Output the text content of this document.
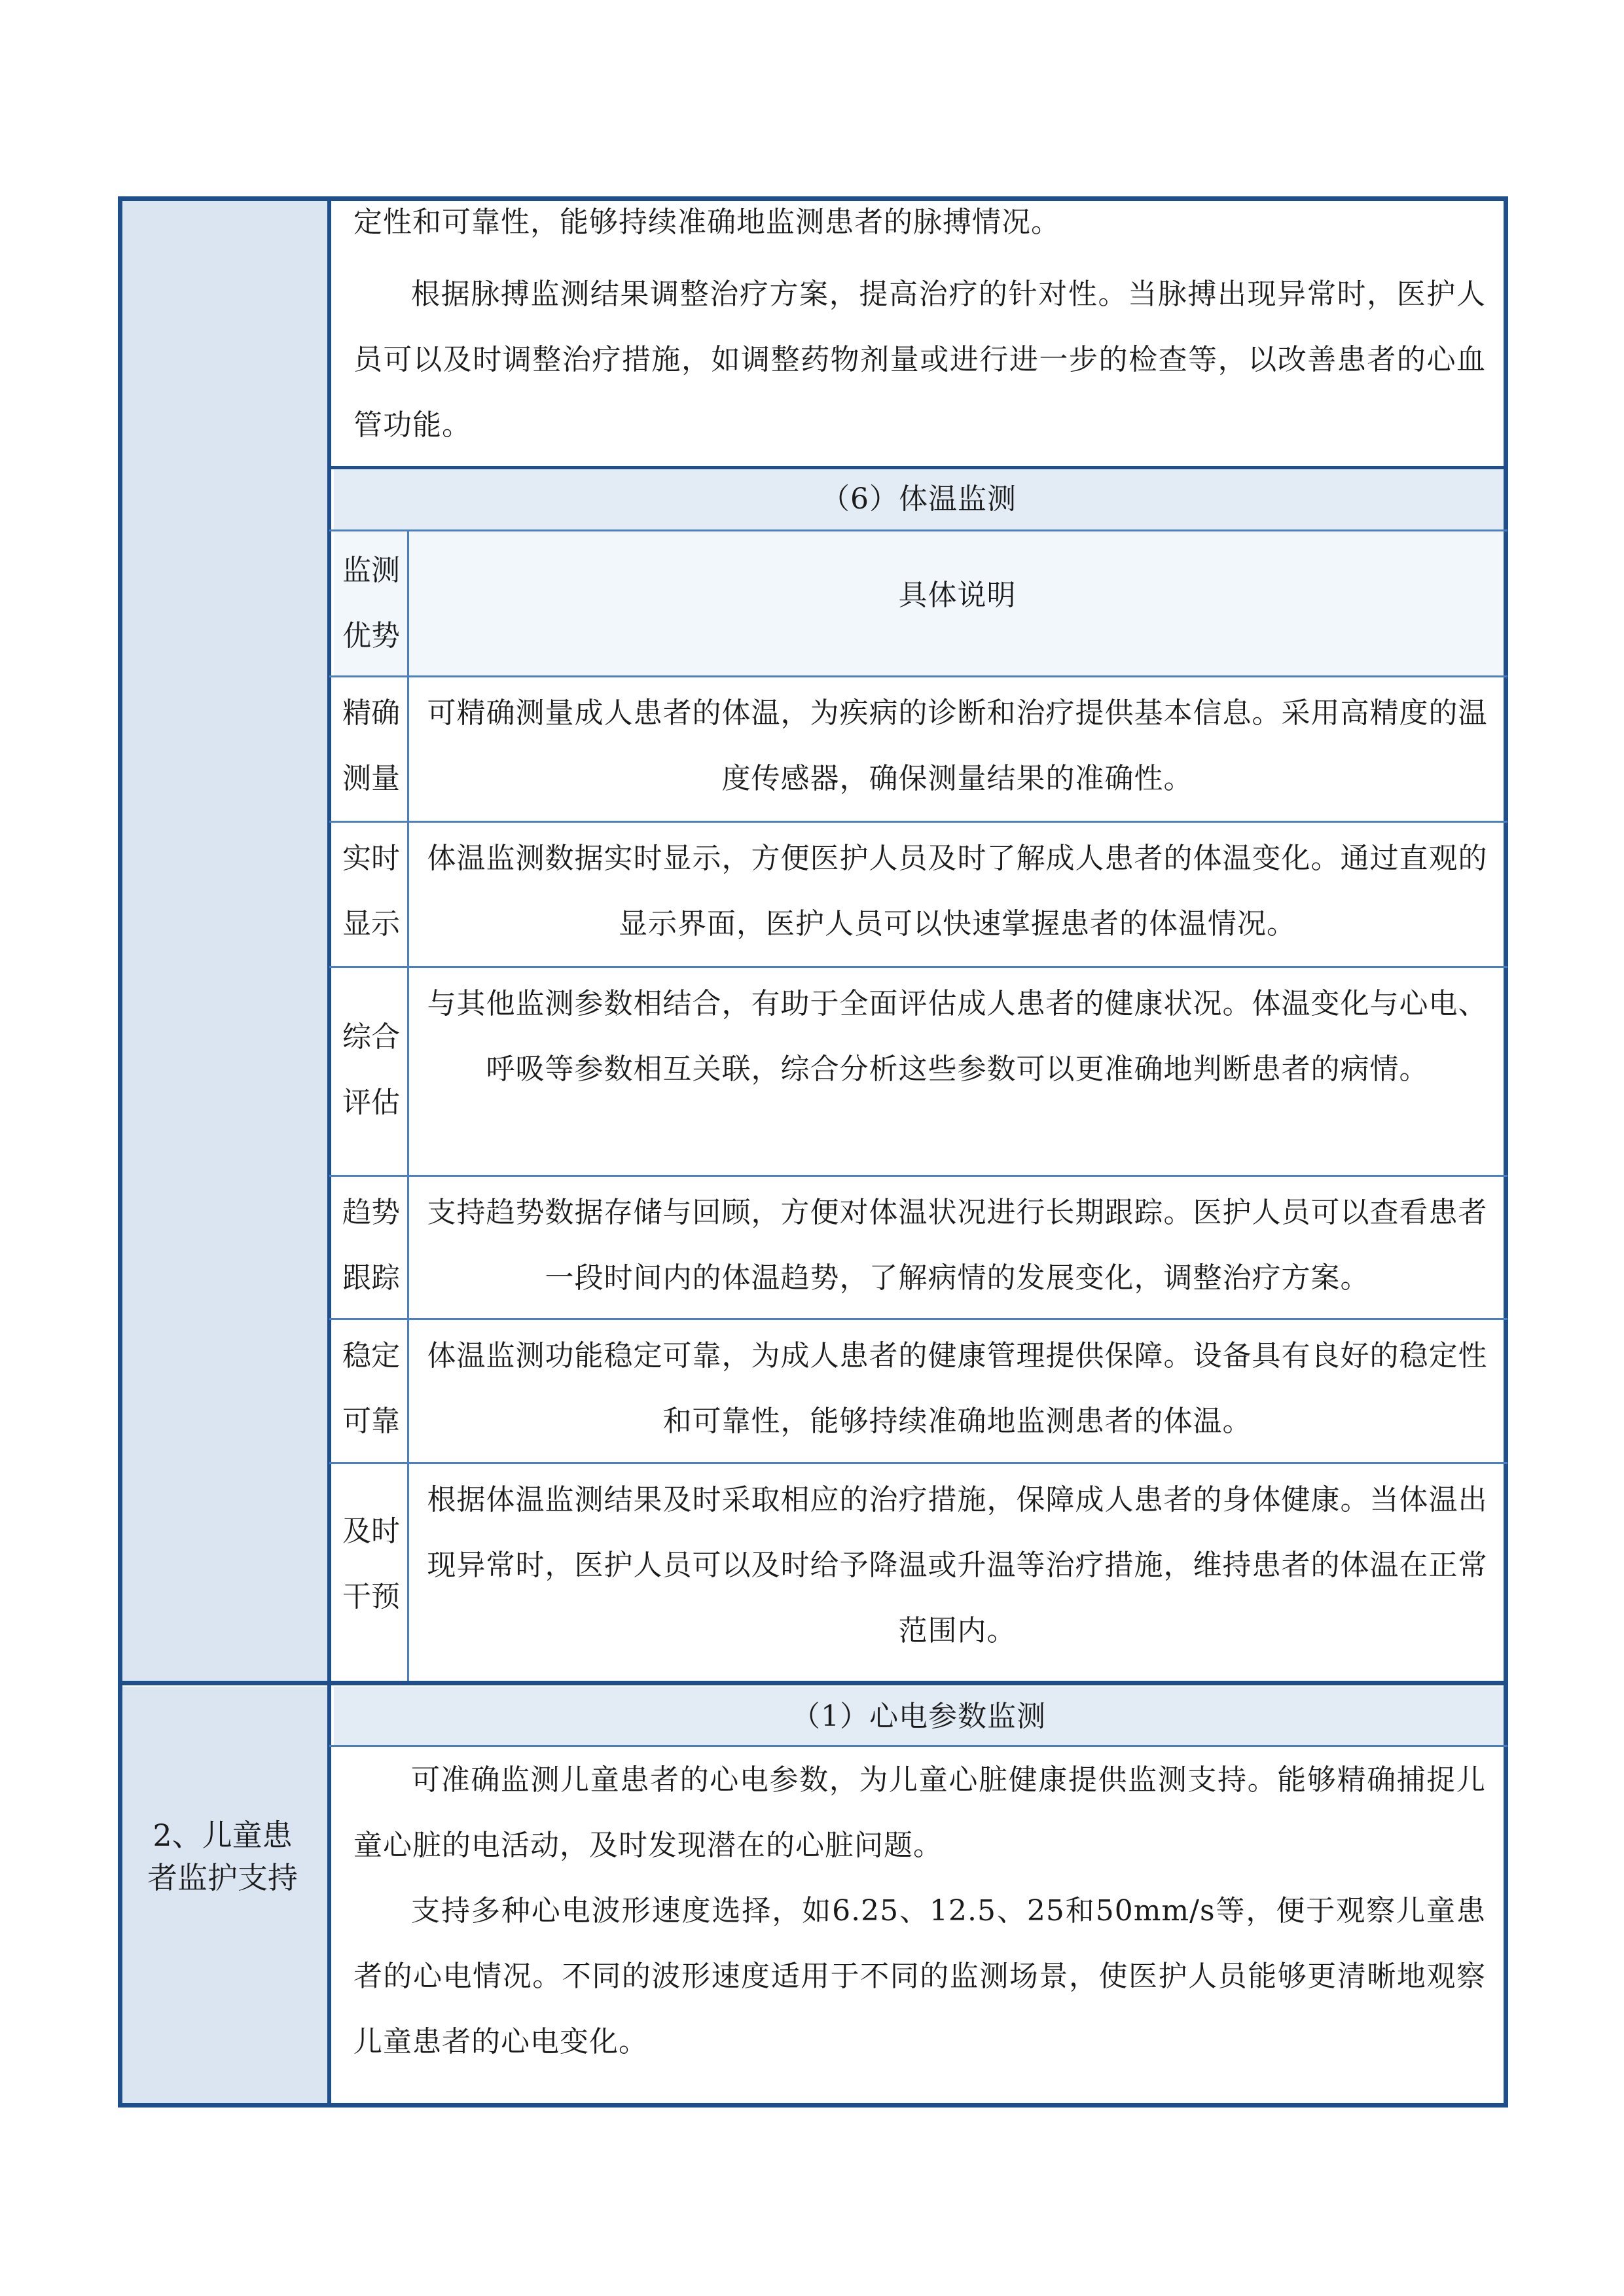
定性和可靠性，能够持续准确地监测患者的脉搏情况。
根据脉搏监测结果调整治疗方案，提高治疗的针对性。当脉搏出现异常时，医护人员可以及时调整治疗措施，如调整药物剂量或进行进一步的检查等，以改善患者的心血管功能。
（6）体温监测
监测优势
具体说明
精确测量
可精确测量成人患者的体温，为疾病的诊断和治疗提供基本信息。采用高精度的温度传感器，确保测量结果的准确性。
实时显示
体温监测数据实时显示，方便医护人员及时了解成人患者的体温变化。通过直观的显示界面，医护人员可以快速掌握患者的体温情况。
综合评估
与其他监测参数相结合，有助于全面评估成人患者的健康状况。体温变化与心电、呼吸等参数相互关联，综合分析这些参数可以更准确地判断患者的病情。
趋势跟踪
支持趋势数据存储与回顾，方便对体温状况进行长期跟踪。医护人员可以查看患者一段时间内的体温趋势，了解病情的发展变化，调整治疗方案。
稳定可靠
体温监测功能稳定可靠，为成人患者的健康管理提供保障。设备具有良好的稳定性和可靠性，能够持续准确地监测患者的体温。
及时干预
根据体温监测结果及时采取相应的治疗措施，保障成人患者的身体健康。当体温出现异常时，医护人员可以及时给予降温或升温等治疗措施，维持患者的体温在正常范围内。
2、儿童患者监护支持
（1）心电参数监测
可准确监测儿童患者的心电参数，为儿童心脏健康提供监测支持。能够精确捕捉儿童心脏的电活动，及时发现潜在的心脏问题。
支持多种心电波形速度选择，如6.25、12.5、25和50mm/s等，便于观察儿童患者的心电情况。不同的波形速度适用于不同的监测场景，使医护人员能够更清晰地观察儿童患者的心电变化。
